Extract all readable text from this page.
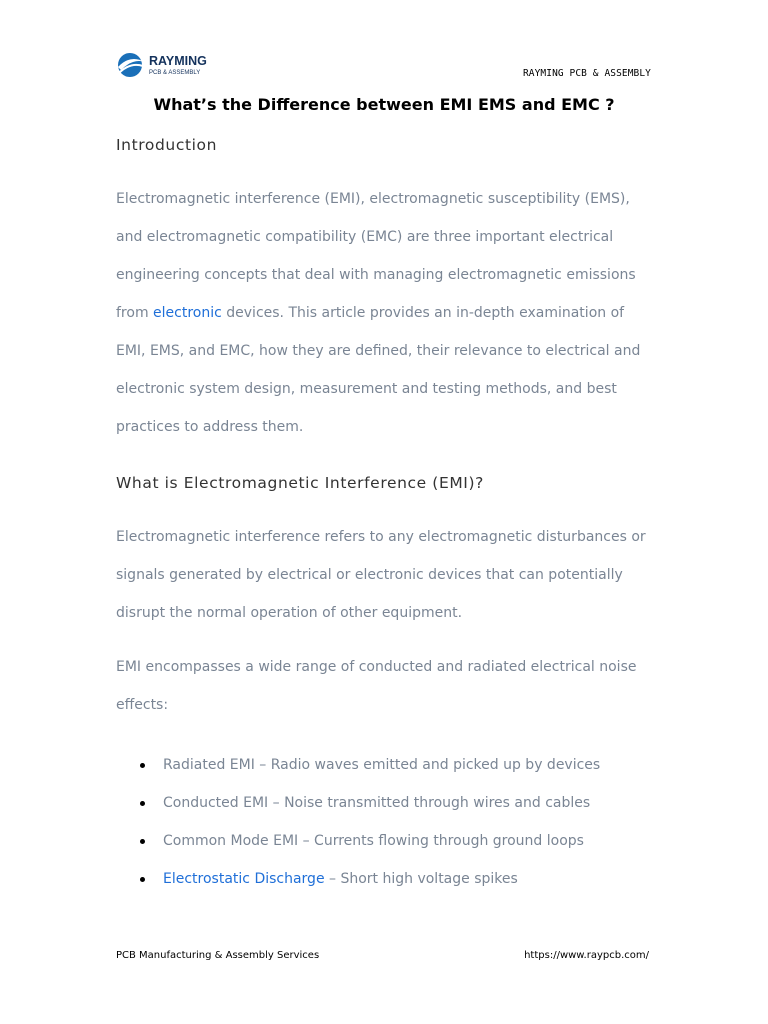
RAYMING
PCB & ASSEMBLY	RAYMING PCB & ASSEMBLY
What’s the Difference between EMI EMS and EMC ?
Introduction

Electromagnetic interference (EMI), electromagnetic susceptibility (EMS), and electromagnetic compatibility (EMC) are three important electrical engineering concepts that deal with managing electromagnetic emissions from electronic devices. This article provides an in-depth examination of EMI, EMS, and EMC, how they are defined, their relevance to electrical and electronic system design, measurement and testing methods, and best practices to address them.

What is Electromagnetic Interference (EMI)?

Electromagnetic interference refers to any electromagnetic disturbances or signals generated by electrical or electronic devices that can potentially disrupt the normal operation of other equipment.

EMI encompasses a wide range of conducted and radiated electrical noise effects:

Radiated EMI – Radio waves emitted and picked up by devices
Conducted EMI – Noise transmitted through wires and cables
Common Mode EMI – Currents flowing through ground loops
Electrostatic Discharge – Short high voltage spikes
PCB Manufacturing & Assembly Services	https://www.raypcb.com/
